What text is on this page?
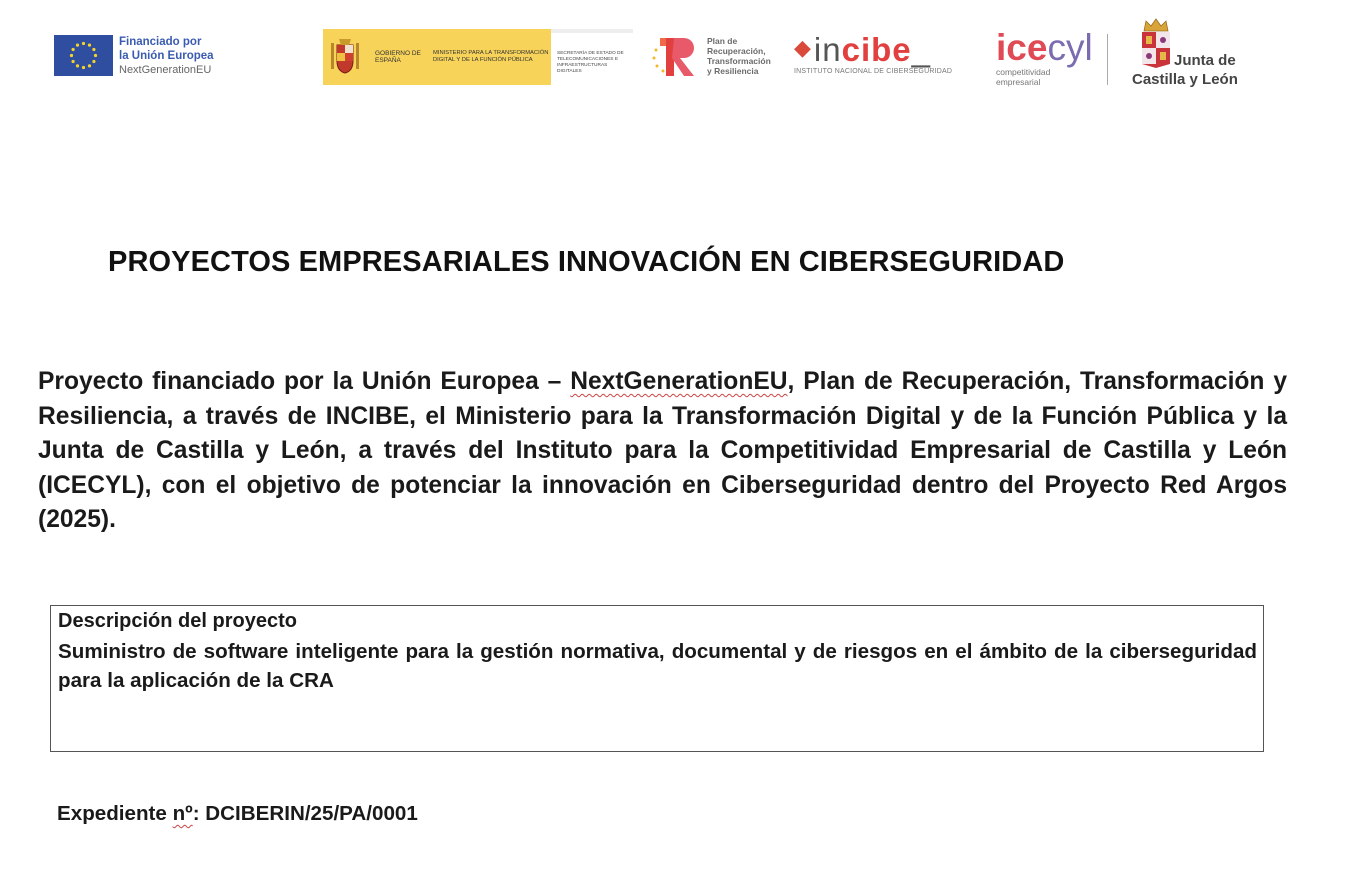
Financiado por
la Unión Europea
NextGenerationEU
GOBIERNO DE ESPAÑA
MINISTERIO PARA LA TRANSFORMACIÓN DIGITAL Y DE LA FUNCIÓN PÚBLICA
SECRETARÍA DE ESTADO DE TELECOMUNICACIONES E INFRAESTRUCTURAS DIGITALES
Plan de
Recuperación,
Transformación
y Resiliencia
◆incibe_
INSTITUTO NACIONAL DE CIBERSEGURIDAD
icecyl
competitividad
empresarial
Junta de
Castilla y León
PROYECTOS EMPRESARIALES INNOVACIÓN EN CIBERSEGURIDAD

Proyecto financiado por la Unión Europea – NextGenerationEU, Plan de Recuperación, Transformación y Resiliencia, a través de INCIBE, el Ministerio para la Transformación Digital y de la Función Pública y la Junta de Castilla y León, a través del Instituto para la Competitividad Empresarial de Castilla y León (ICECYL), con el objetivo de potenciar la innovación en Ciberseguridad dentro del Proyecto Red Argos (2025).

Descripción del proyecto

Suministro de software inteligente para la gestión normativa, documental y de riesgos en el ámbito de la ciberseguridad para la aplicación de la CRA

Expediente nº: DCIBERIN/25/PA/0001
